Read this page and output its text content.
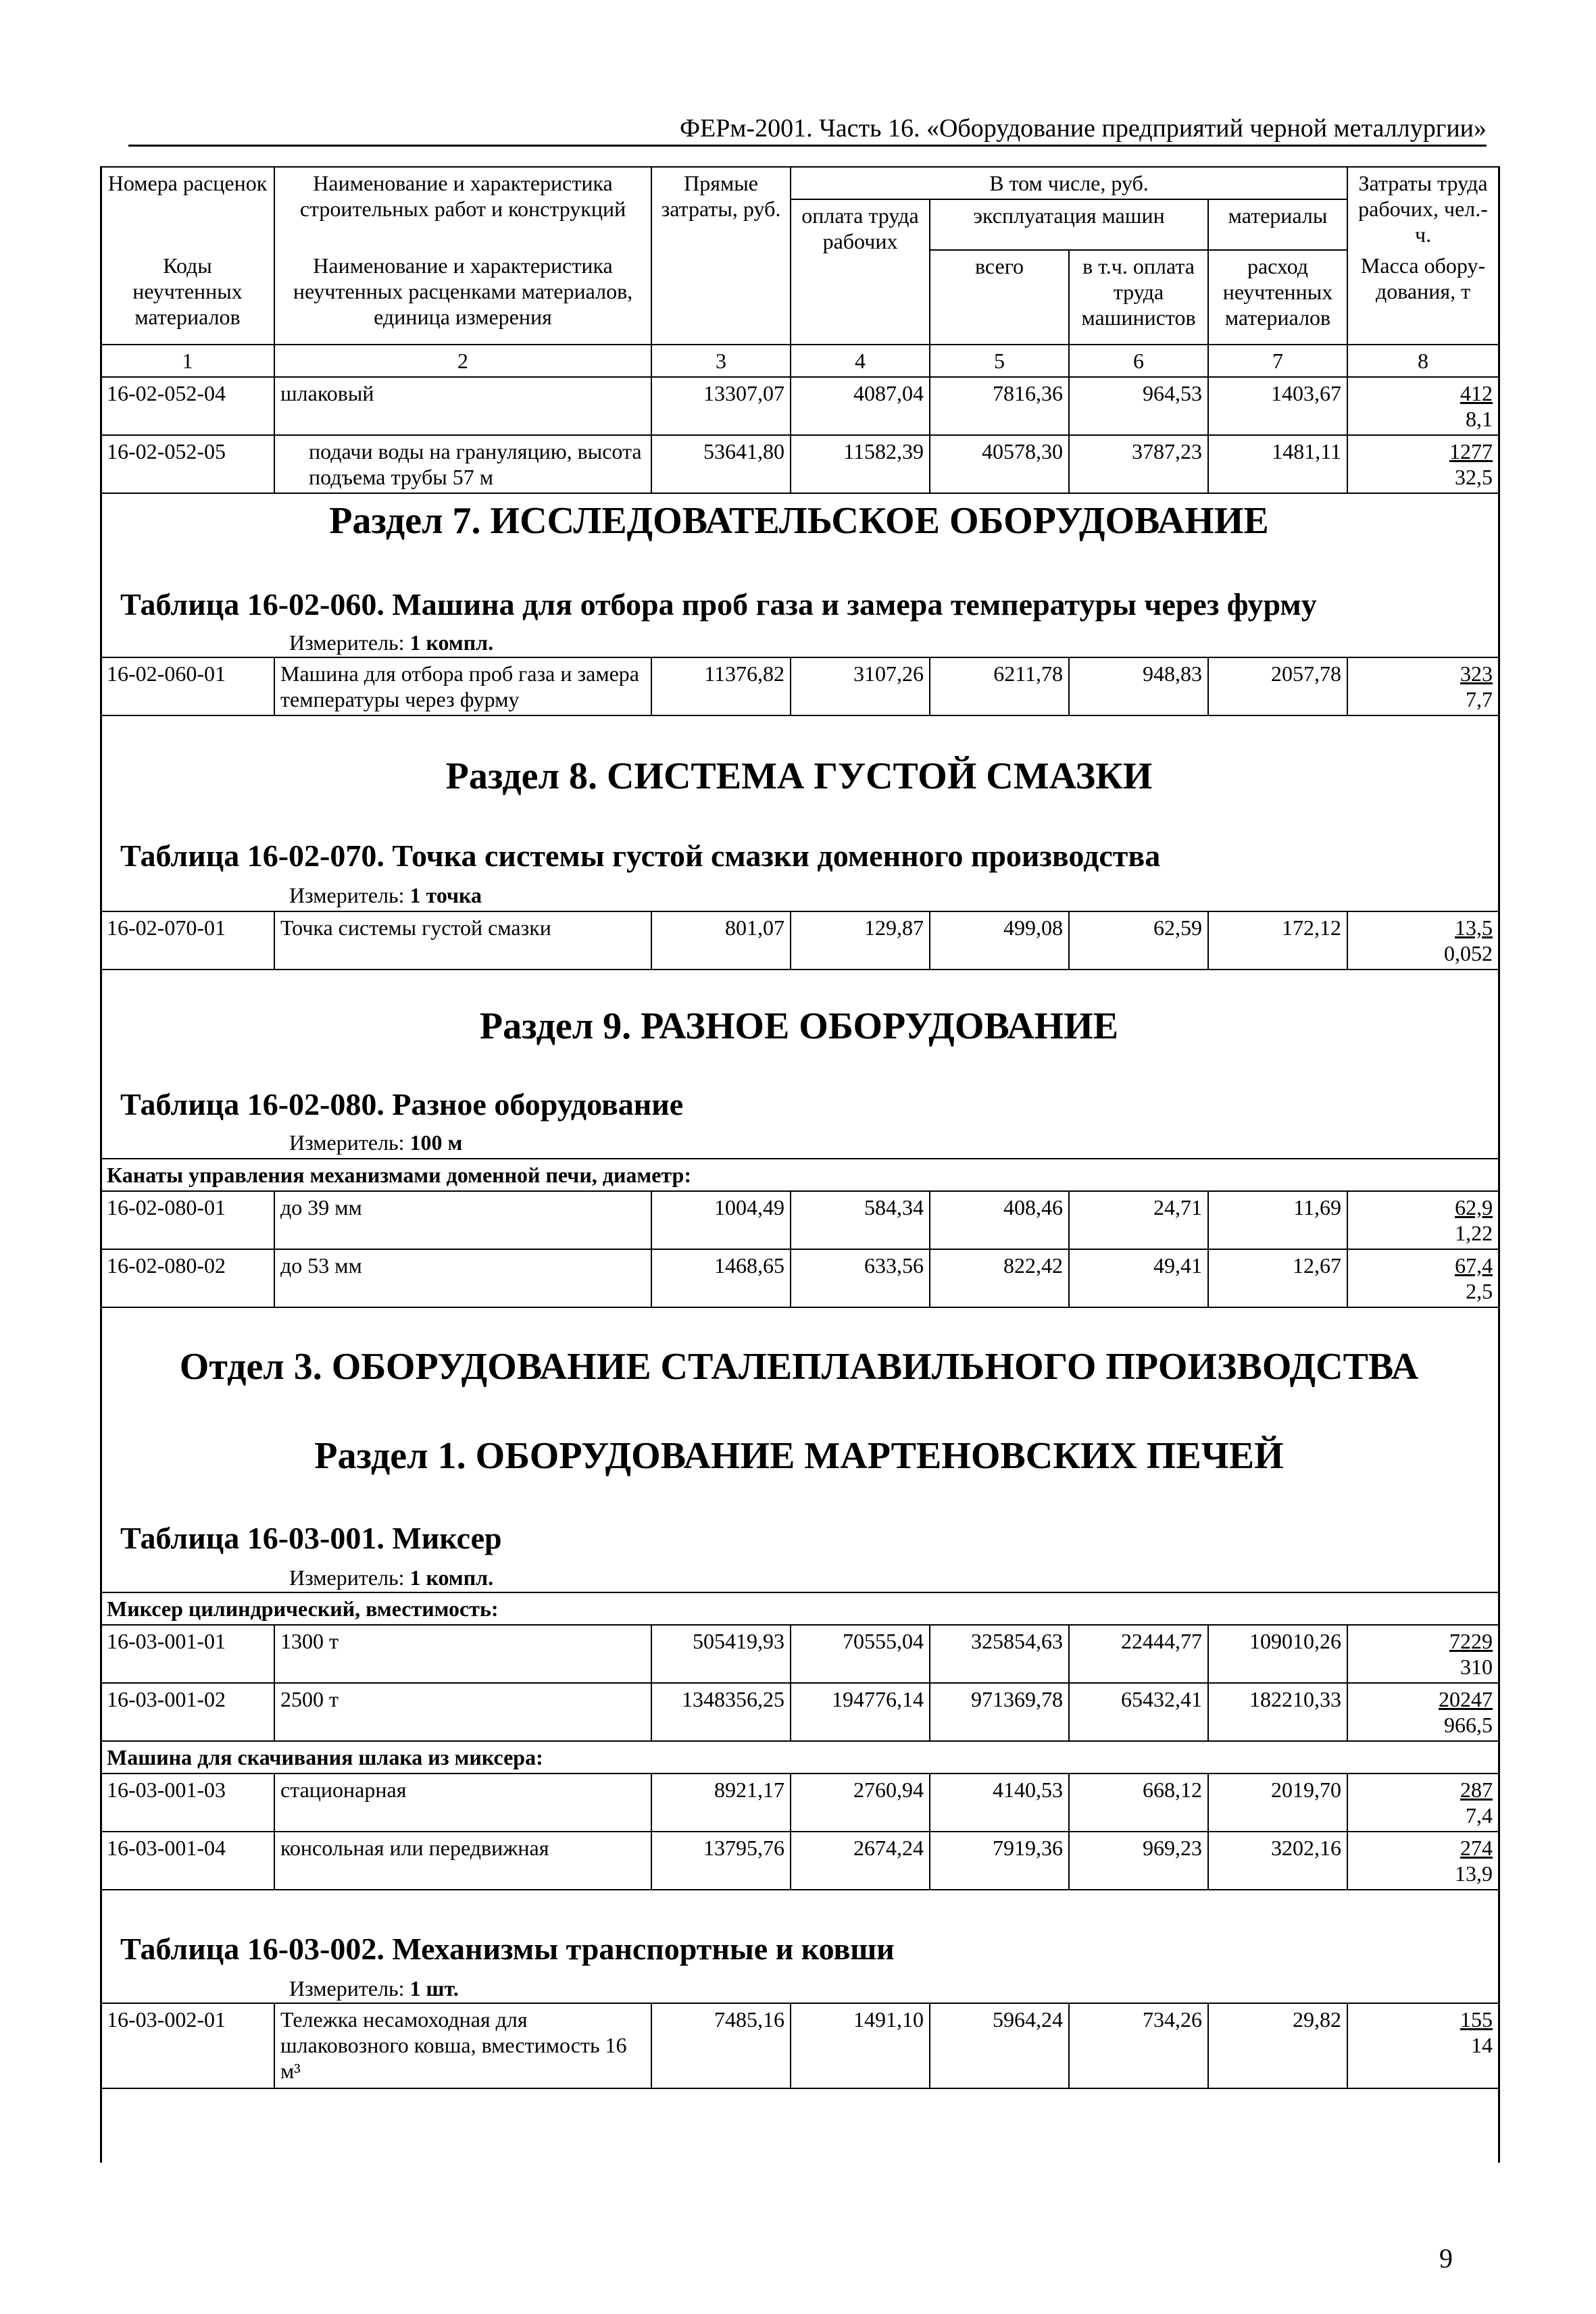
ФЕРм-2001. Часть 16. «Оборудование предприятий черной металлургии»
Номера расценок	Наименование и характеристика строительных работ и конструкций	Прямые затраты, руб.	В том числе, руб.				Затраты труда рабочих, чел.-ч.
			оплата труда рабочих	эксплуатация машин		материалы	
Коды неучтенных материалов	Наименование и характеристика неучтенных расценками материалов, единица измерения			всего	в т.ч. оплата труда машинистов	расход неучтенных материалов	Масса обору-дования, т
1	2	3	4	5	6	7	8
16-02-052-04	шлаковый	13307,07	4087,04	7816,36	964,53	1403,67	412
8,1

16-02-052-05	подачи воды на грануляцию, высота подъема трубы 57 м	53641,80	11582,39	40578,30	3787,23	1481,11	1277
32,5
Раздел 7. ИССЛЕДОВАТЕЛЬСКОЕ ОБОРУДОВАНИЕ
Таблица 16-02-060. Машина для отбора проб газа и замера температуры через фурму
Измеритель: 1 компл.
16-02-060-01	Машина для отбора проб газа и замера температуры через фурму	11376,82	3107,26	6211,78	948,83	2057,78	323
7,7
Раздел 8. СИСТЕМА ГУСТОЙ СМАЗКИ
Таблица 16-02-070. Точка системы густой смазки доменного производства
Измеритель: 1 точка
16-02-070-01	Точка системы густой смазки	801,07	129,87	499,08	62,59	172,12	13,5
0,052
Раздел 9. РАЗНОЕ ОБОРУДОВАНИЕ
Таблица 16-02-080. Разное оборудование
Измеритель: 100 м
Канаты управления механизмами доменной печи, диаметр:							
16-02-080-01	до 39 мм	1004,49	584,34	408,46	24,71	11,69	62,9
1,22

16-02-080-02	до 53 мм	1468,65	633,56	822,42	49,41	12,67	67,4
2,5
Отдел 3. ОБОРУДОВАНИЕ СТАЛЕПЛАВИЛЬНОГО ПРОИЗВОДСТВА
Раздел 1. ОБОРУДОВАНИЕ МАРТЕНОВСКИХ ПЕЧЕЙ
Таблица 16-03-001. Миксер
Измеритель: 1 компл.
Миксер цилиндрический, вместимость:							
16-03-001-01	1300 т	505419,93	70555,04	325854,63	22444,77	109010,26	7229
310

16-03-001-02	2500 т	1348356,25	194776,14	971369,78	65432,41	182210,33	20247
966,5

Машина для скачивания шлака из миксера:							
16-03-001-03	стационарная	8921,17	2760,94	4140,53	668,12	2019,70	287
7,4

16-03-001-04	консольная или передвижная	13795,76	2674,24	7919,36	969,23	3202,16	274
13,9
Таблица 16-03-002. Механизмы транспортные и ковши
Измеритель: 1 шт.
16-03-002-01	Тележка несамоходная для шлаковозного ковша, вместимость 16 м³	7485,16	1491,10	5964,24	734,26	29,82	155
14
9
